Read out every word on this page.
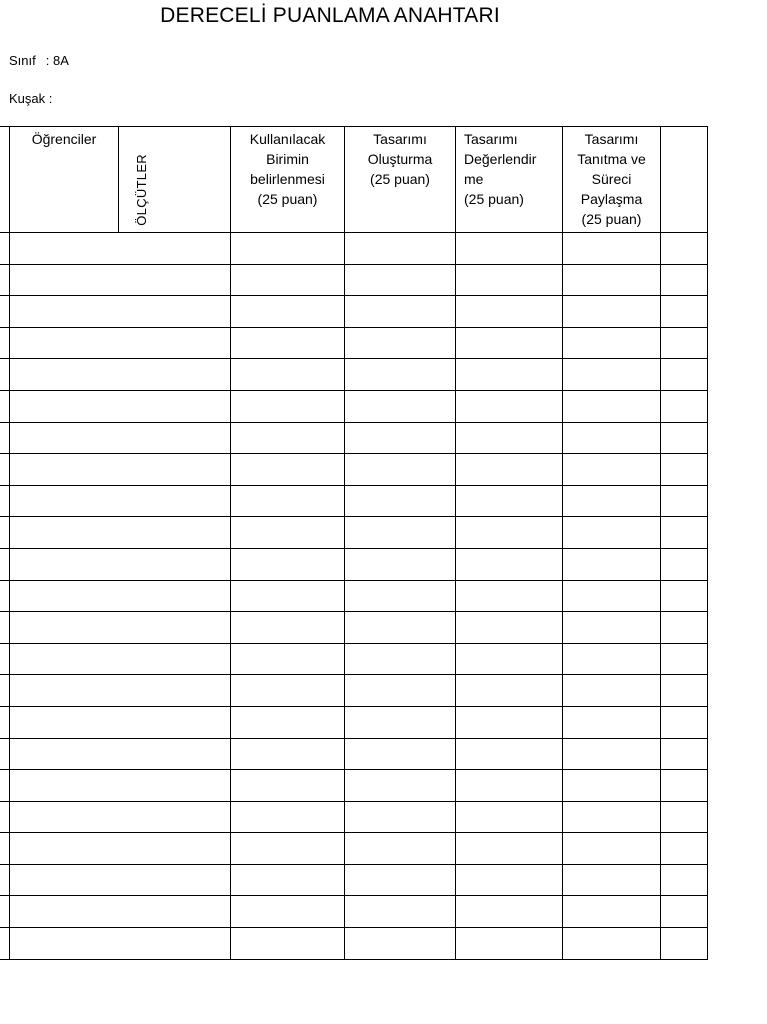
DERECELİ PUANLAMA ANAHTARI
Sınıf : 8A
Kuşak :
	Öğrenciler	ÖLÇÜTLER	Kullanılacak
Birimin
belirlenmesi
(25 puan)	Tasarımı
Oluşturma
(25 puan)	Tasarımı
Değerlendir
me
(25 puan)	Tasarımı
Tanıtma ve
Süreci
Paylaşma
(25 puan)	
